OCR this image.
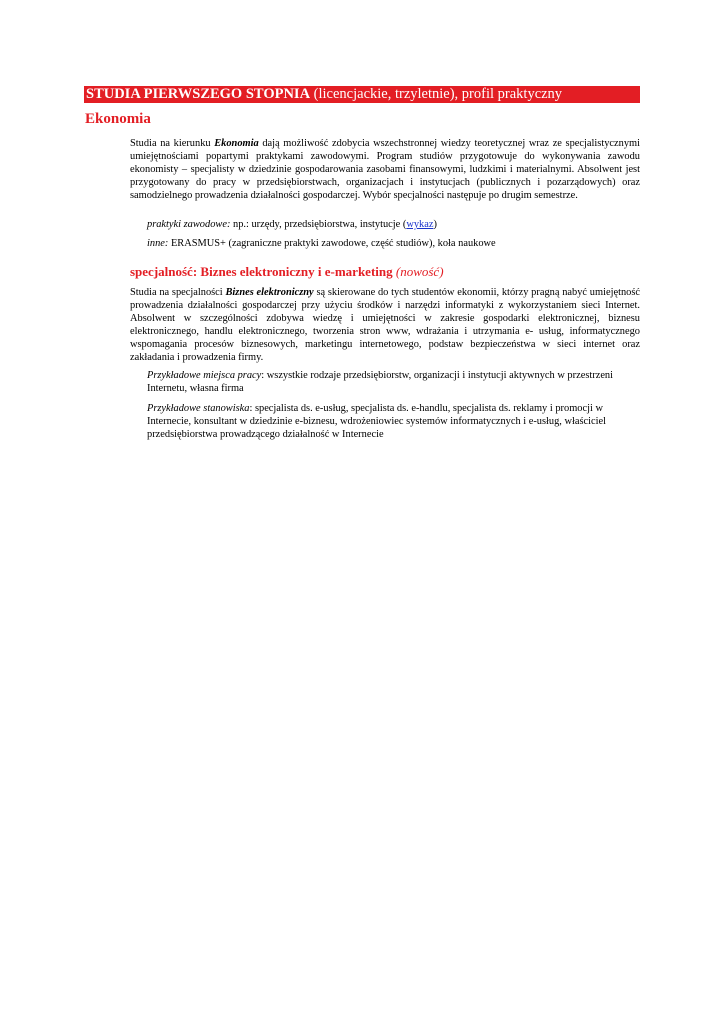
STUDIA PIERWSZEGO STOPNIA (licencjackie, trzyletnie), profil praktyczny
Ekonomia

Studia na kierunku Ekonomia dają możliwość zdobycia wszechstronnej wiedzy teoretycznej wraz ze specjalistycznymi umiejętnościami popartymi praktykami zawodowymi. Program studiów przygotowuje do wykonywania zawodu ekonomisty – specjalisty w dziedzinie gospodarowania zasobami finansowymi, ludzkimi i materialnymi. Absolwent jest przygotowany do pracy w przedsiębiorstwach, organizacjach i instytucjach (publicznych i pozarządowych) oraz samodzielnego prowadzenia działalności gospodarczej. Wybór specjalności następuje po drugim semestrze.

praktyki zawodowe: np.: urzędy, przedsiębiorstwa, instytucje (wykaz)

inne: ERASMUS+ (zagraniczne praktyki zawodowe, część studiów), koła naukowe

specjalność: Biznes elektroniczny i e-marketing (nowość)

Studia na specjalności Biznes elektroniczny są skierowane do tych studentów ekonomii, którzy pragną nabyć umiejętność prowadzenia działalności gospodarczej przy użyciu środków i narzędzi informatyki z wykorzystaniem sieci Internet. Absolwent w szczególności zdobywa wiedzę i umiejętności w zakresie gospodarki elektronicznej, biznesu elektronicznego, handlu elektronicznego, tworzenia stron www, wdrażania i utrzymania e- usług, informatycznego wspomagania procesów biznesowych, marketingu internetowego, podstaw bezpieczeństwa w sieci internet oraz zakładania i prowadzenia firmy.

Przykładowe miejsca pracy: wszystkie rodzaje przedsiębiorstw, organizacji i instytucji aktywnych w przestrzeni Internetu, własna firma

Przykładowe stanowiska: specjalista ds. e-usług, specjalista ds. e-handlu, specjalista ds. reklamy i promocji w Internecie, konsultant w dziedzinie e-biznesu, wdrożeniowiec systemów informatycznych i e-usług, właściciel przedsiębiorstwa prowadzącego działalność w Internecie
